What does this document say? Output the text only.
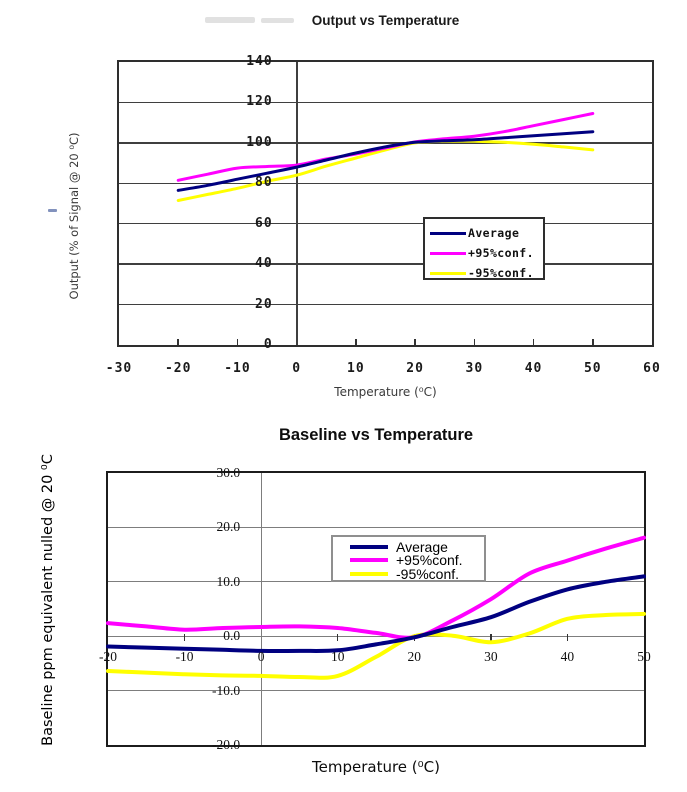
Output vs Temperature
Output (% of Signal @ 20 ⁰C)
0
20
40
60
80
100
120
140
-30	-20	-10	0	10	20	30	40	50	60
Temperature (⁰C)
Average
+95%conf.
-95%conf.
Baseline vs Temperature
Baseline ppm equivalent nulled @ 20 ⁰C	30.0
20.0
10.0
0.0
-10.0
-20.0
-20	-10	0	10	20	30	40	50
Temperature (⁰C)
Average
+95%conf.
-95%conf.
